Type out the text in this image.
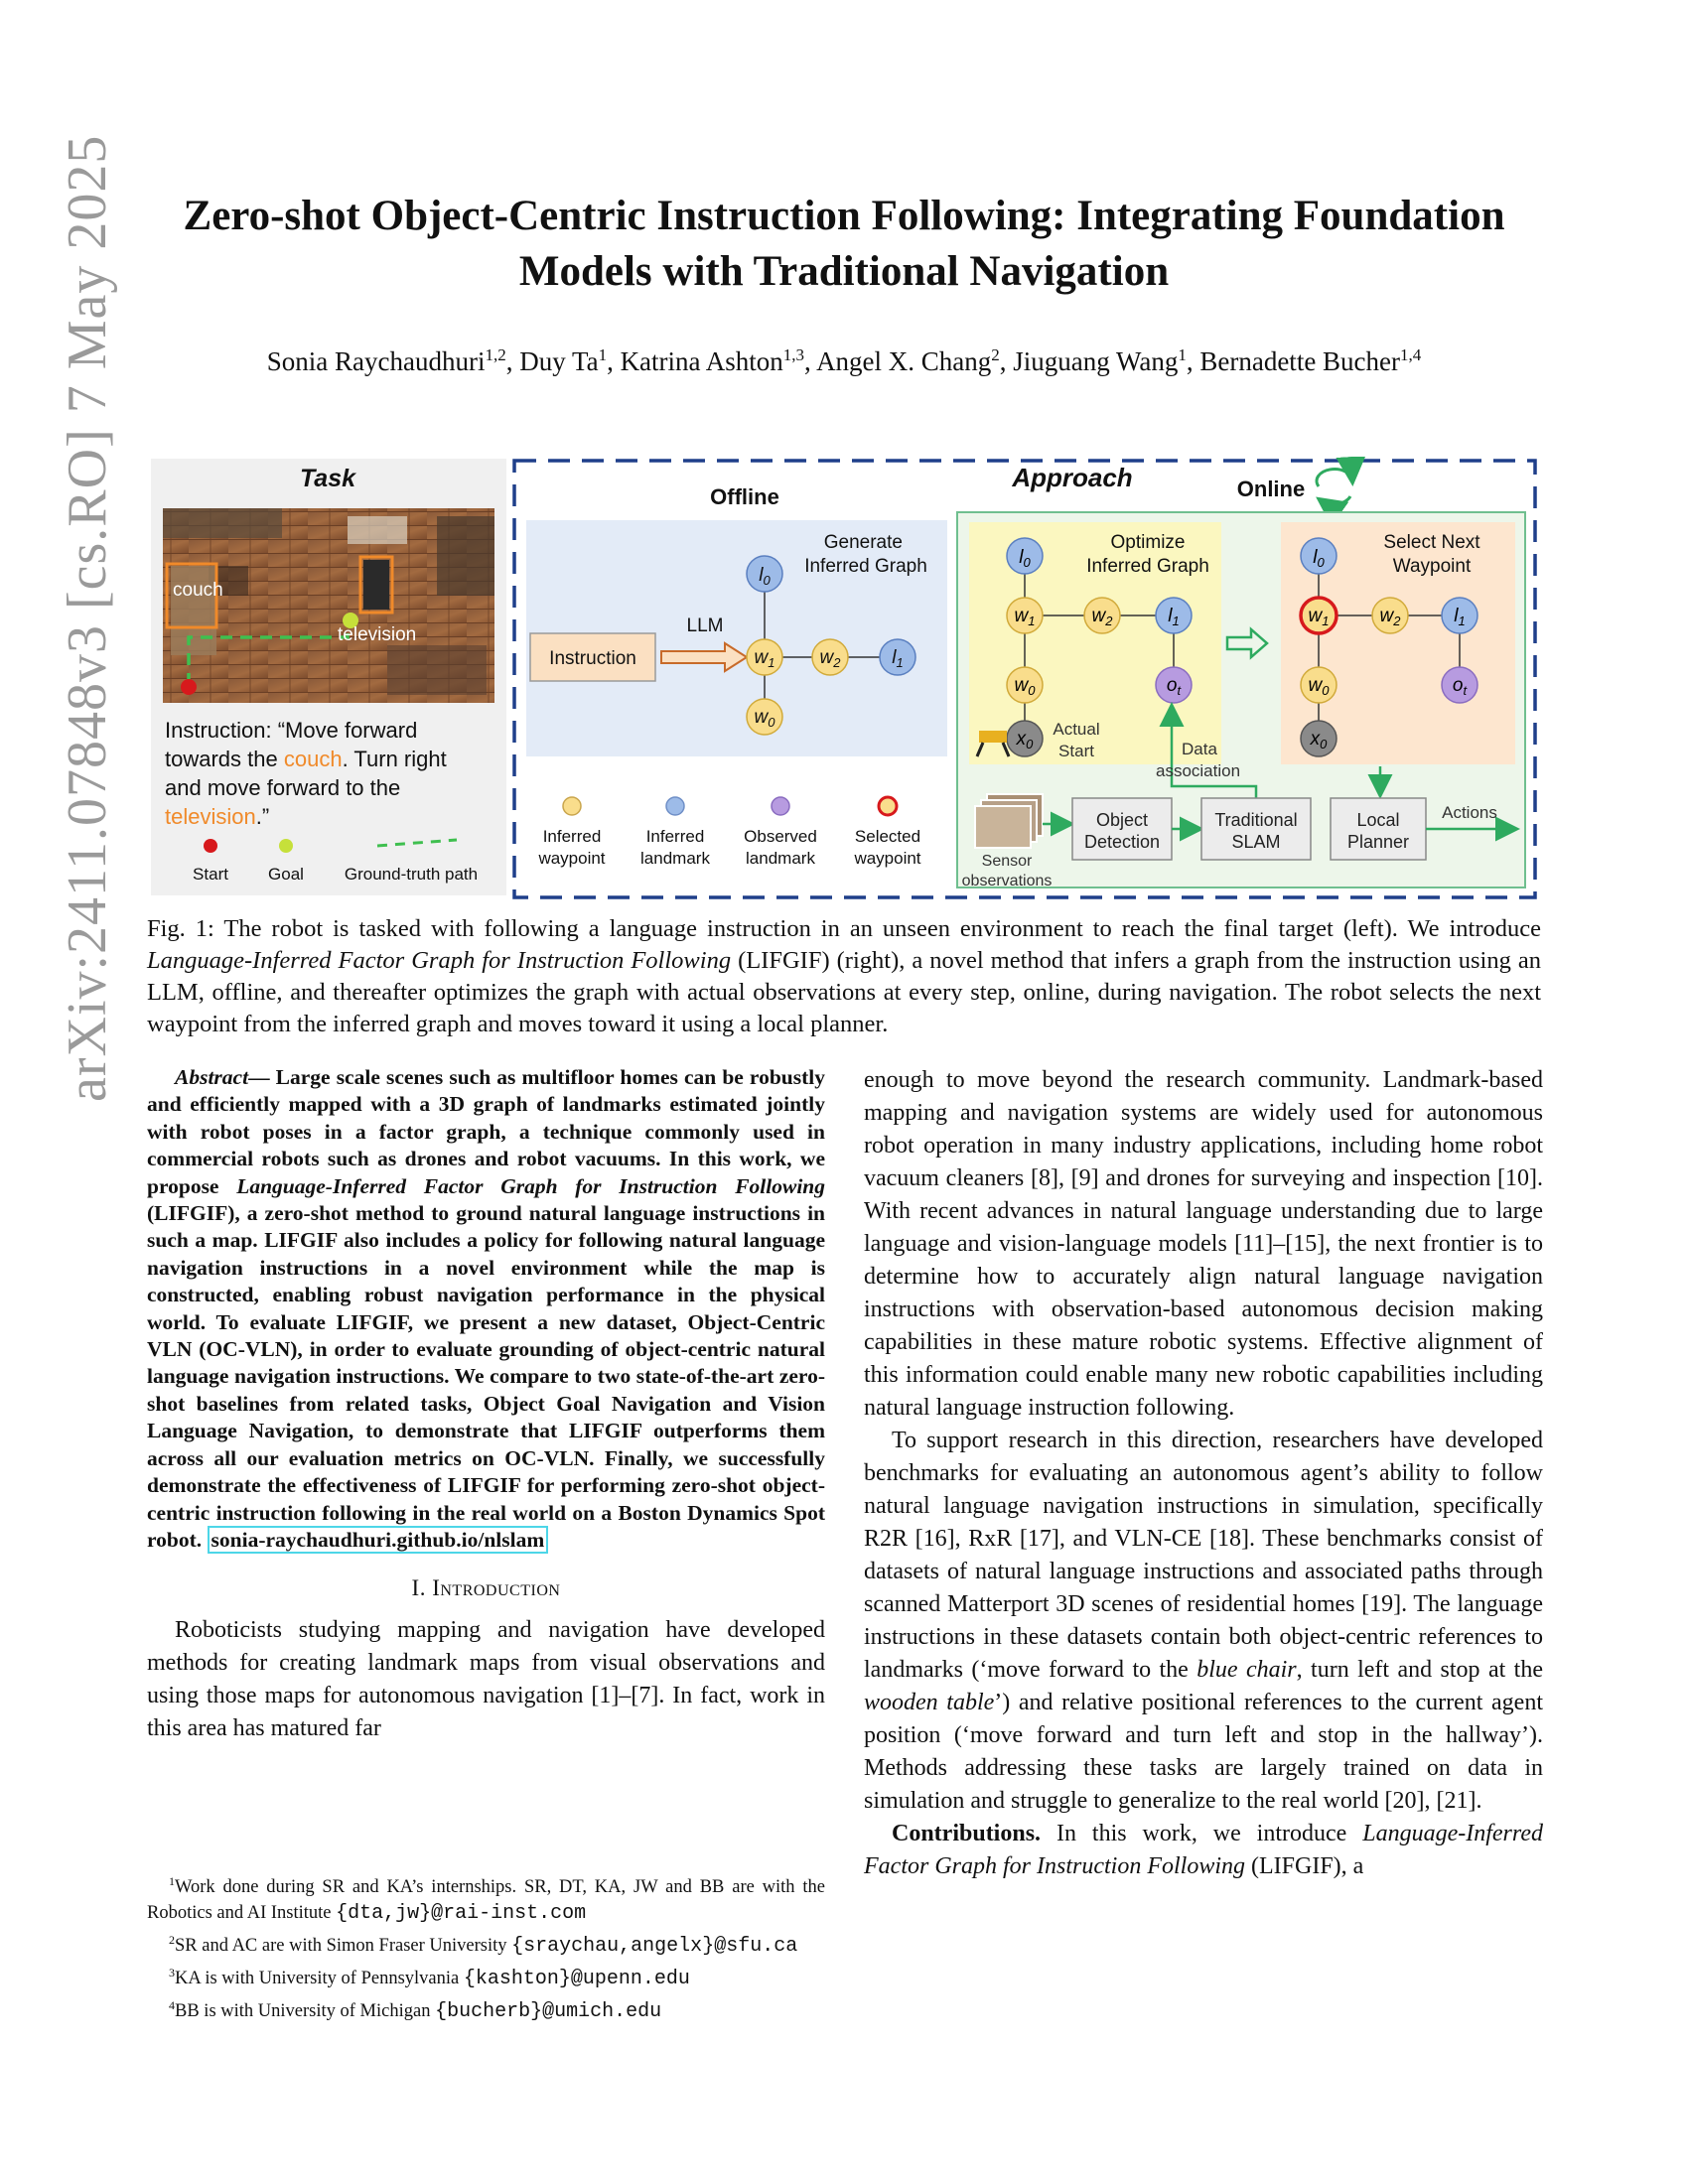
arXiv:2411.07848v3 [cs.RO] 7 May 2025	Zero-shot Object-Centric Instruction Following: Integrating Foundation Models with Traditional Navigation
Sonia Raychaudhuri$^{1,2}$, Duy Ta$^1$, Katrina Ashton$^{1,3}$, Angel X. Chang$^2$, Jiuguang Wang$^1$, Bernadette Bucher$^{1,4}$
Task
couch
television
Instruction: “Move forward towards the couch. Turn right and move forward to the television.”
Start Goal Ground-truth path
Approach
Offline
Generate Inferred Graph
Instruction
LLM
$l_0$
$w_1$ $w_2$	$l_1$
$w_0$
Inferred waypoint
Inferred landmark
Observed landmark
Selected waypoint
Online
Optimize Inferred Graph
$l_0$
$w_1$	$w_2$	$l_1$
$w_0$	$o_t$
$x_0$
Actual Start	Data association
Select Next Waypoint
$l_0$
$w_1$	$w_2$	$l_1$
$w_0$	$o_t$
$x_0$
Sensor observations
Object Detection
Traditional SLAM
Local Planner
Actions
Fig. 1: The robot is tasked with following a language instruction in an unseen environment to reach the final target (left). We introduce Language-Inferred Factor Graph for Instruction Following (LIFGIF) (right), a novel method that infers a graph from the instruction using an LLM, offline, and thereafter optimizes the graph with actual observations at every step, online, during navigation. The robot selects the next waypoint from the inferred graph and moves toward it using a local planner.

Abstract— Large scale scenes such as multifloor homes can be robustly and efficiently mapped with a 3D graph of landmarks estimated jointly with robot poses in a factor graph, a technique commonly used in commercial robots such as drones and robot vacuums. In this work, we propose Language-Inferred Factor Graph for Instruction Following (LIFGIF), a zero-shot method to ground natural language instructions in such a map. LIFGIF also includes a policy for following natural language navigation instructions in a novel environment while the map is constructed, enabling robust navigation performance in the physical world. To evaluate LIFGIF, we present a new dataset, Object-Centric VLN (OC-VLN), in order to evaluate grounding of object-centric natural language navigation instructions. We compare to two state-of-the-art zero-shot baselines from related tasks, Object Goal Navigation and Vision Language Navigation, to demonstrate that LIFGIF outperforms them across all our evaluation metrics on OC-VLN. Finally, we successfully demonstrate the effectiveness of LIFGIF for performing zero-shot object-centric instruction following in the real world on a Boston Dynamics Spot robot. sonia-raychaudhuri.github.io/nlslam

I. Introduction

Roboticists studying mapping and navigation have developed methods for creating landmark maps from visual observations and using those maps for autonomous navigation [1]–[7]. In fact, work in this area has matured far

$^1$Work done during SR and KA’s internships. SR, DT, KA, JW and BB are with the Robotics and AI Institute {dta,jw}@rai-inst.com

$^2$SR and AC are with Simon Fraser University {sraychau,angelx}@sfu.ca

$^3$KA is with University of Pennsylvania {kashton}@upenn.edu

$^4$BB is with University of Michigan {bucherb}@umich.edu

enough to move beyond the research community. Landmark-based mapping and navigation systems are widely used for autonomous robot operation in many industry applications, including home robot vacuum cleaners [8], [9] and drones for surveying and inspection [10]. With recent advances in natural language understanding due to large language and vision-language models [11]–[15], the next frontier is to determine how to accurately align natural language navigation instructions with observation-based autonomous decision making capabilities in these mature robotic systems. Effective alignment of this information could enable many new robotic capabilities including natural language instruction following.

To support research in this direction, researchers have developed benchmarks for evaluating an autonomous agent’s ability to follow natural language navigation instructions in simulation, specifically R2R [16], RxR [17], and VLN-CE [18]. These benchmarks consist of datasets of natural language instructions and associated paths through scanned Matterport 3D scenes of residential homes [19]. The language instructions in these datasets contain both object-centric references to landmarks (‘move forward to the blue chair, turn left and stop at the wooden table’) and relative positional references to the current agent position (‘move forward and turn left and stop in the hallway’). Methods addressing these tasks are largely trained on data in simulation and struggle to generalize to the real world [20], [21].

Contributions. In this work, we introduce Language-Inferred Factor Graph for Instruction Following (LIFGIF), a
